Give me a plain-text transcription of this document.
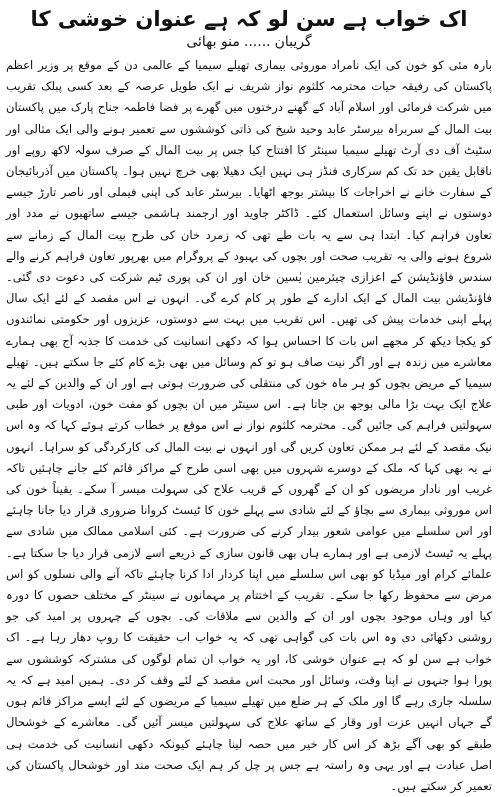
اک خواب ہے سن لو کہ ہے عنوان خوشی کا
گریبان......منو بھائی

بارہ مئی کو خون کی ایک نامراد موروثی بیماری تھیلے سیمیا کے عالمی دن کے موقع پر وزیر اعظم پاکستان کی رفیقہ حیات محترمہ کلثوم نواز شریف نے ایک طویل عرصہ کے بعد کسی پبلک تقریب میں شرکت فرمائی اور اسلام آباد کے گھنے درختوں میں گھرے پر فضا فاطمہ جناح پارک میں پاکستان بیت المال کے سربراہ بیرسٹر عابد وحید شیخ کی ذاتی کوششوں سے تعمیر ہونے والی ایک مثالی اور سٹیٹ آف دی آرٹ تھیلے سیمیا سینٹر کا افتتاح کیا جس پر بیت المال کے صرف سولہ لاکھ روپے اور ناقابل یقین حد تک کم سرکاری فنڈز ہی نہیں ایک دھیلا بھی خرچ نہیں ہوا۔ پاکستان میں آذربائیجان کے سفارت خانے نے اخراجات کا بیشتر بوجھ اٹھایا۔ بیرسٹر عابد کی اپنی فیملی اور ناصر تارڑ جیسے دوستوں نے اپنے وسائل استعمال کئے۔ ڈاکٹر جاوید اور ارجمند ہاشمی جیسے ساتھیوں نے مدد اور تعاون فراہم کیا۔ ابتدا ہی سے یہ بات طے تھی کہ زمرد خان کی طرح بیت المال کے زمانے سے شروع ہونے والی یہ تقریب صحت اور بچوں کی بہبود کے پروگرام میں بھرپور تعاون فراہم کرنے والے سندس فاؤنڈیشن کے اعزازی چیئرمین یٰسین خان اور ان کی پوری ٹیم شرکت کی دعوت دی گئی۔ فاؤنڈیشن بیت المال کے ایک ادارے کے طور پر کام کرے گی۔ انہوں نے اس مقصد کے لئے ایک سال پہلے اپنی خدمات پیش کی تھیں۔ اس تقریب میں بہت سے دوستوں، عزیزوں اور حکومتی نمائندوں کو یکجا دیکھ کر مجھے اس بات کا احساس ہوا کہ دکھی انسانیت کی خدمت کا جذبہ آج بھی ہمارے معاشرے میں زندہ ہے اور اگر نیت صاف ہو تو کم وسائل میں بھی بڑے کام کئے جا سکتے ہیں۔ تھیلے سیمیا کے مریض بچوں کو ہر ماہ خون کی منتقلی کی ضرورت ہوتی ہے اور ان کے والدین کے لئے یہ علاج ایک بہت بڑا مالی بوجھ بن جاتا ہے۔ اس سینٹر میں ان بچوں کو مفت خون، ادویات اور طبی سہولتیں فراہم کی جائیں گی۔ محترمہ کلثوم نواز نے اس موقع پر خطاب کرتے ہوئے کہا کہ وہ اس نیک مقصد کے لئے ہر ممکن تعاون کریں گی اور انہوں نے بیت المال کی کارکردگی کو سراہا۔ انہوں نے یہ بھی کہا کہ ملک کے دوسرے شہروں میں بھی اسی طرح کے مراکز قائم کئے جانے چاہئیں تاکہ غریب اور نادار مریضوں کو ان کے گھروں کے قریب علاج کی سہولت میسر آ سکے۔ یقیناً خون کی اس موروثی بیماری سے بچاؤ کے لئے شادی سے پہلے خون کا ٹیسٹ کروانا ضروری قرار دیا جانا چاہئے اور اس سلسلے میں عوامی شعور بیدار کرنے کی ضرورت ہے۔ کئی اسلامی ممالک میں شادی سے پہلے یہ ٹیسٹ لازمی ہے اور ہمارے ہاں بھی قانون سازی کے ذریعے اسے لازمی قرار دیا جا سکتا ہے۔ علمائے کرام اور میڈیا کو بھی اس سلسلے میں اپنا کردار ادا کرنا چاہئے تاکہ آنے والی نسلوں کو اس مرض سے محفوظ رکھا جا سکے۔ تقریب کے اختتام پر مہمانوں نے سینٹر کے مختلف حصوں کا دورہ کیا اور وہاں موجود بچوں اور ان کے والدین سے ملاقات کی۔ بچوں کے چہروں پر امید کی جو روشنی دکھائی دی وہ اس بات کی گواہی تھی کہ یہ خواب اب حقیقت کا روپ دھار رہا ہے۔ اک خواب ہے سن لو کہ ہے عنوان خوشی کا، اور یہ خواب ان تمام لوگوں کی مشترکہ کوششوں سے پورا ہوا جنہوں نے اپنا وقت، وسائل اور محبت اس مقصد کے لئے وقف کر دی۔ ہمیں امید ہے کہ یہ سلسلہ جاری رہے گا اور ملک کے ہر ضلع میں تھیلے سیمیا کے مریضوں کے لئے ایسے مراکز قائم ہوں گے جہاں انہیں عزت اور وقار کے ساتھ علاج کی سہولتیں میسر آئیں گی۔ معاشرے کے خوشحال طبقے کو بھی آگے بڑھ کر اس کار خیر میں حصہ لینا چاہئے کیونکہ دکھی انسانیت کی خدمت ہی اصل عبادت ہے اور یہی وہ راستہ ہے جس پر چل کر ہم ایک صحت مند اور خوشحال پاکستان کی تعمیر کر سکتے ہیں۔
